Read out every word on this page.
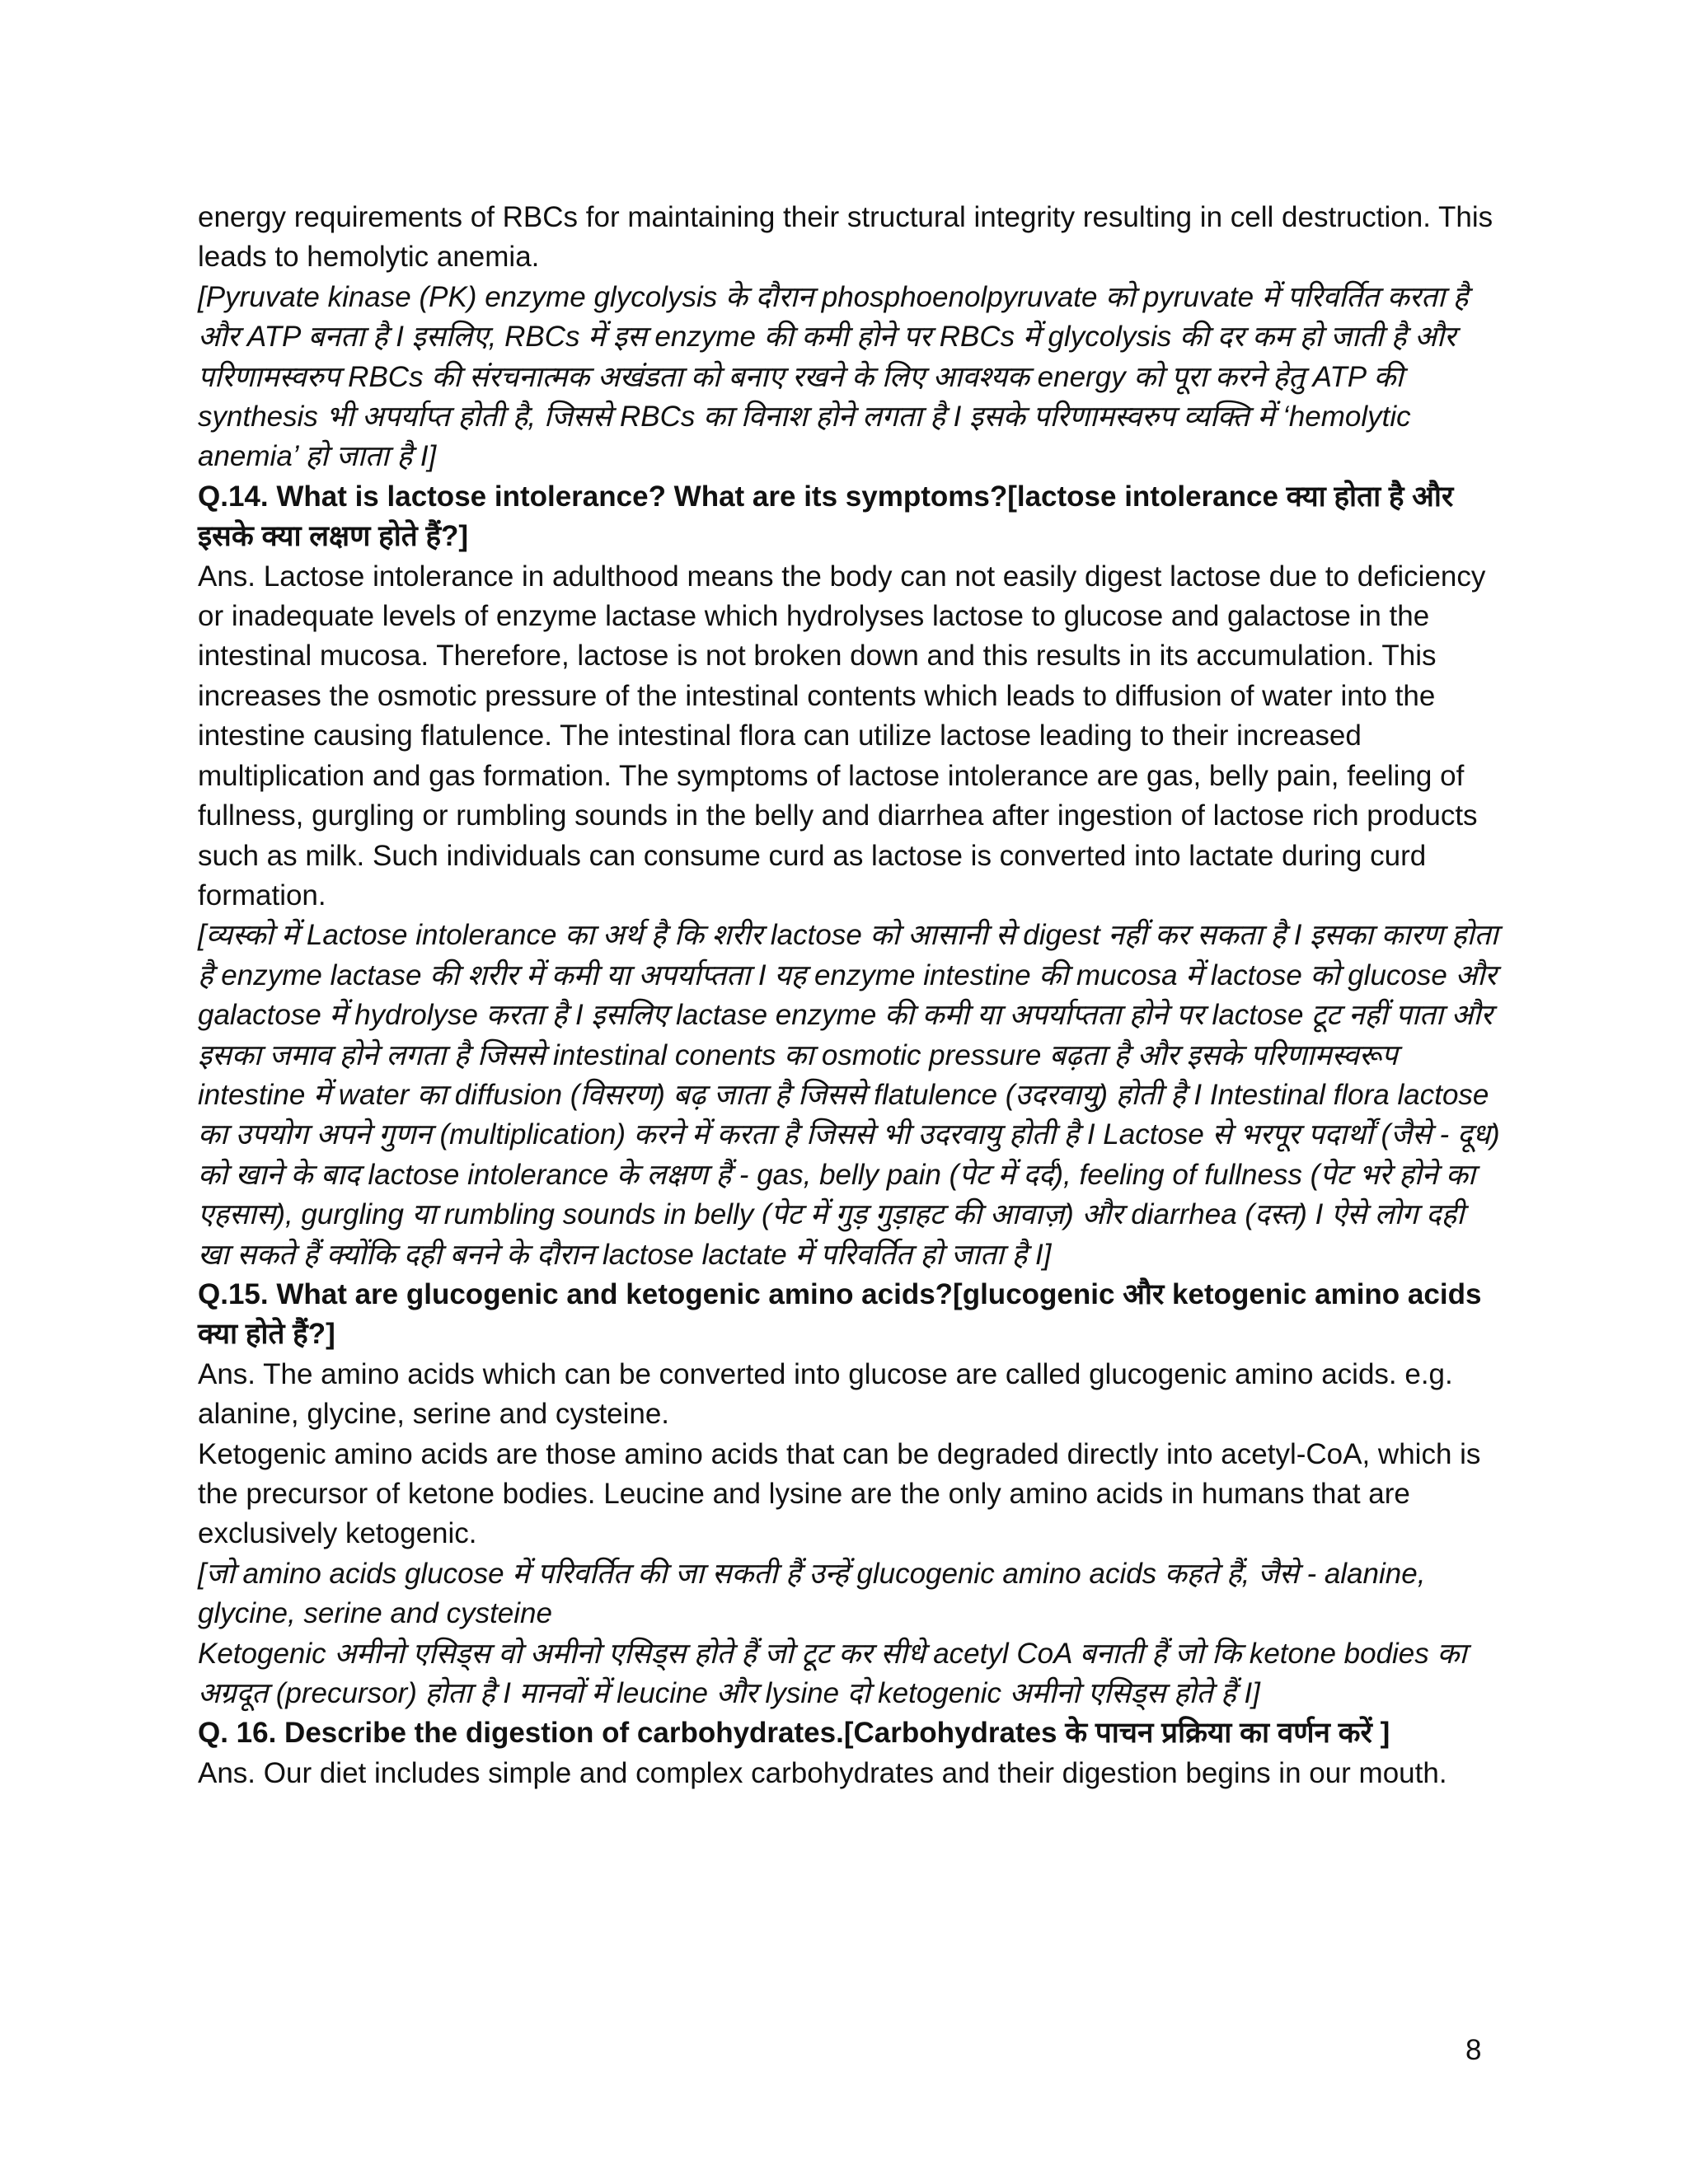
energy requirements of RBCs for maintaining their structural integrity resulting in cell destruction. This leads to hemolytic anemia.

[Pyruvate kinase (PK) enzyme glycolysis के दौरान phosphoenolpyruvate को pyruvate में परिवर्तित करता है और ATP बनता है I इसलिए, RBCs में इस enzyme की कमी होने पर RBCs में glycolysis की दर कम हो जाती है और परिणामस्वरुप RBCs की संरचनात्मक अखंडता को बनाए रखने के लिए आवश्यक energy को पूरा करने हेतु ATP की synthesis भी अपर्याप्त होती है, जिससे RBCs का विनाश होने लगता है I इसके परिणामस्वरुप व्यक्ति में ‘hemolytic anemia’ हो जाता है I]

Q.14. What is lactose intolerance? What are its symptoms?[lactose intolerance क्या होता है और इसके क्या लक्षण होते हैं?]

Ans. Lactose intolerance in adulthood means the body can not easily digest lactose due to deficiency or inadequate levels of enzyme lactase which hydrolyses lactose to glucose and galactose in the intestinal mucosa. Therefore, lactose is not broken down and this results in its accumulation. This increases the osmotic pressure of the intestinal contents which leads to diffusion of water into the intestine causing flatulence. The intestinal flora can utilize lactose leading to their increased multiplication and gas formation. The symptoms of lactose intolerance are gas, belly pain, feeling of fullness, gurgling or rumbling sounds in the belly and diarrhea after ingestion of lactose rich products such as milk. Such individuals can consume curd as lactose is converted into lactate during curd formation.

[व्यस्को में Lactose intolerance का अर्थ है कि शरीर lactose को आसानी से digest नहीं कर सकता है I इसका कारण होता है enzyme lactase की शरीर में कमी या अपर्याप्तता I यह enzyme intestine की mucosa में lactose को glucose और galactose में hydrolyse करता है I इसलिए lactase enzyme की कमी या अपर्याप्तता होने पर lactose टूट नहीं पाता और इसका जमाव होने लगता है जिससे intestinal conents का osmotic pressure बढ़ता है और इसके परिणामस्वरूप intestine में water का diffusion (विसरण) बढ़ जाता है जिससे flatulence (उदरवायु) होती है I Intestinal flora lactose का उपयोग अपने गुणन (multiplication) करने में करता है जिससे भी उदरवायु होती है I Lactose से भरपूर पदार्थों (जैसे - दूध) को खाने के बाद lactose intolerance के लक्षण हैं - gas, belly pain (पेट में दर्द), feeling of fullness (पेट भरे होने का एहसास), gurgling या rumbling sounds in belly (पेट में गुड़ गुड़ाहट की आवाज़) और diarrhea (दस्त) I ऐसे लोग दही खा सकते हैं क्योंकि दही बनने के दौरान lactose lactate में परिवर्तित हो जाता है I]

Q.15. What are glucogenic and ketogenic amino acids?[glucogenic और ketogenic amino acids क्या होते हैं?]

Ans. The amino acids which can be converted into glucose are called glucogenic amino acids. e.g. alanine, glycine, serine and cysteine.

Ketogenic amino acids are those amino acids that can be degraded directly into acetyl-CoA, which is the precursor of ketone bodies. Leucine and lysine are the only amino acids in humans that are exclusively ketogenic.

[जो amino acids glucose में परिवर्तित की जा सकती हैं उन्हें glucogenic amino acids कहते हैं, जैसे - alanine, glycine, serine and cysteine

Ketogenic अमीनो एसिड्स वो अमीनो एसिड्स होते हैं जो टूट कर सीधे acetyl CoA बनाती हैं जो कि ketone bodies का अग्रदूत (precursor) होता है I मानवों में leucine और lysine दो ketogenic अमीनो एसिड्स होते हैं I]

Q. 16. Describe the digestion of carbohydrates.[Carbohydrates के पाचन प्रक्रिया का वर्णन करें ]

Ans. Our diet includes simple and complex carbohydrates and their digestion begins in our mouth.

8
